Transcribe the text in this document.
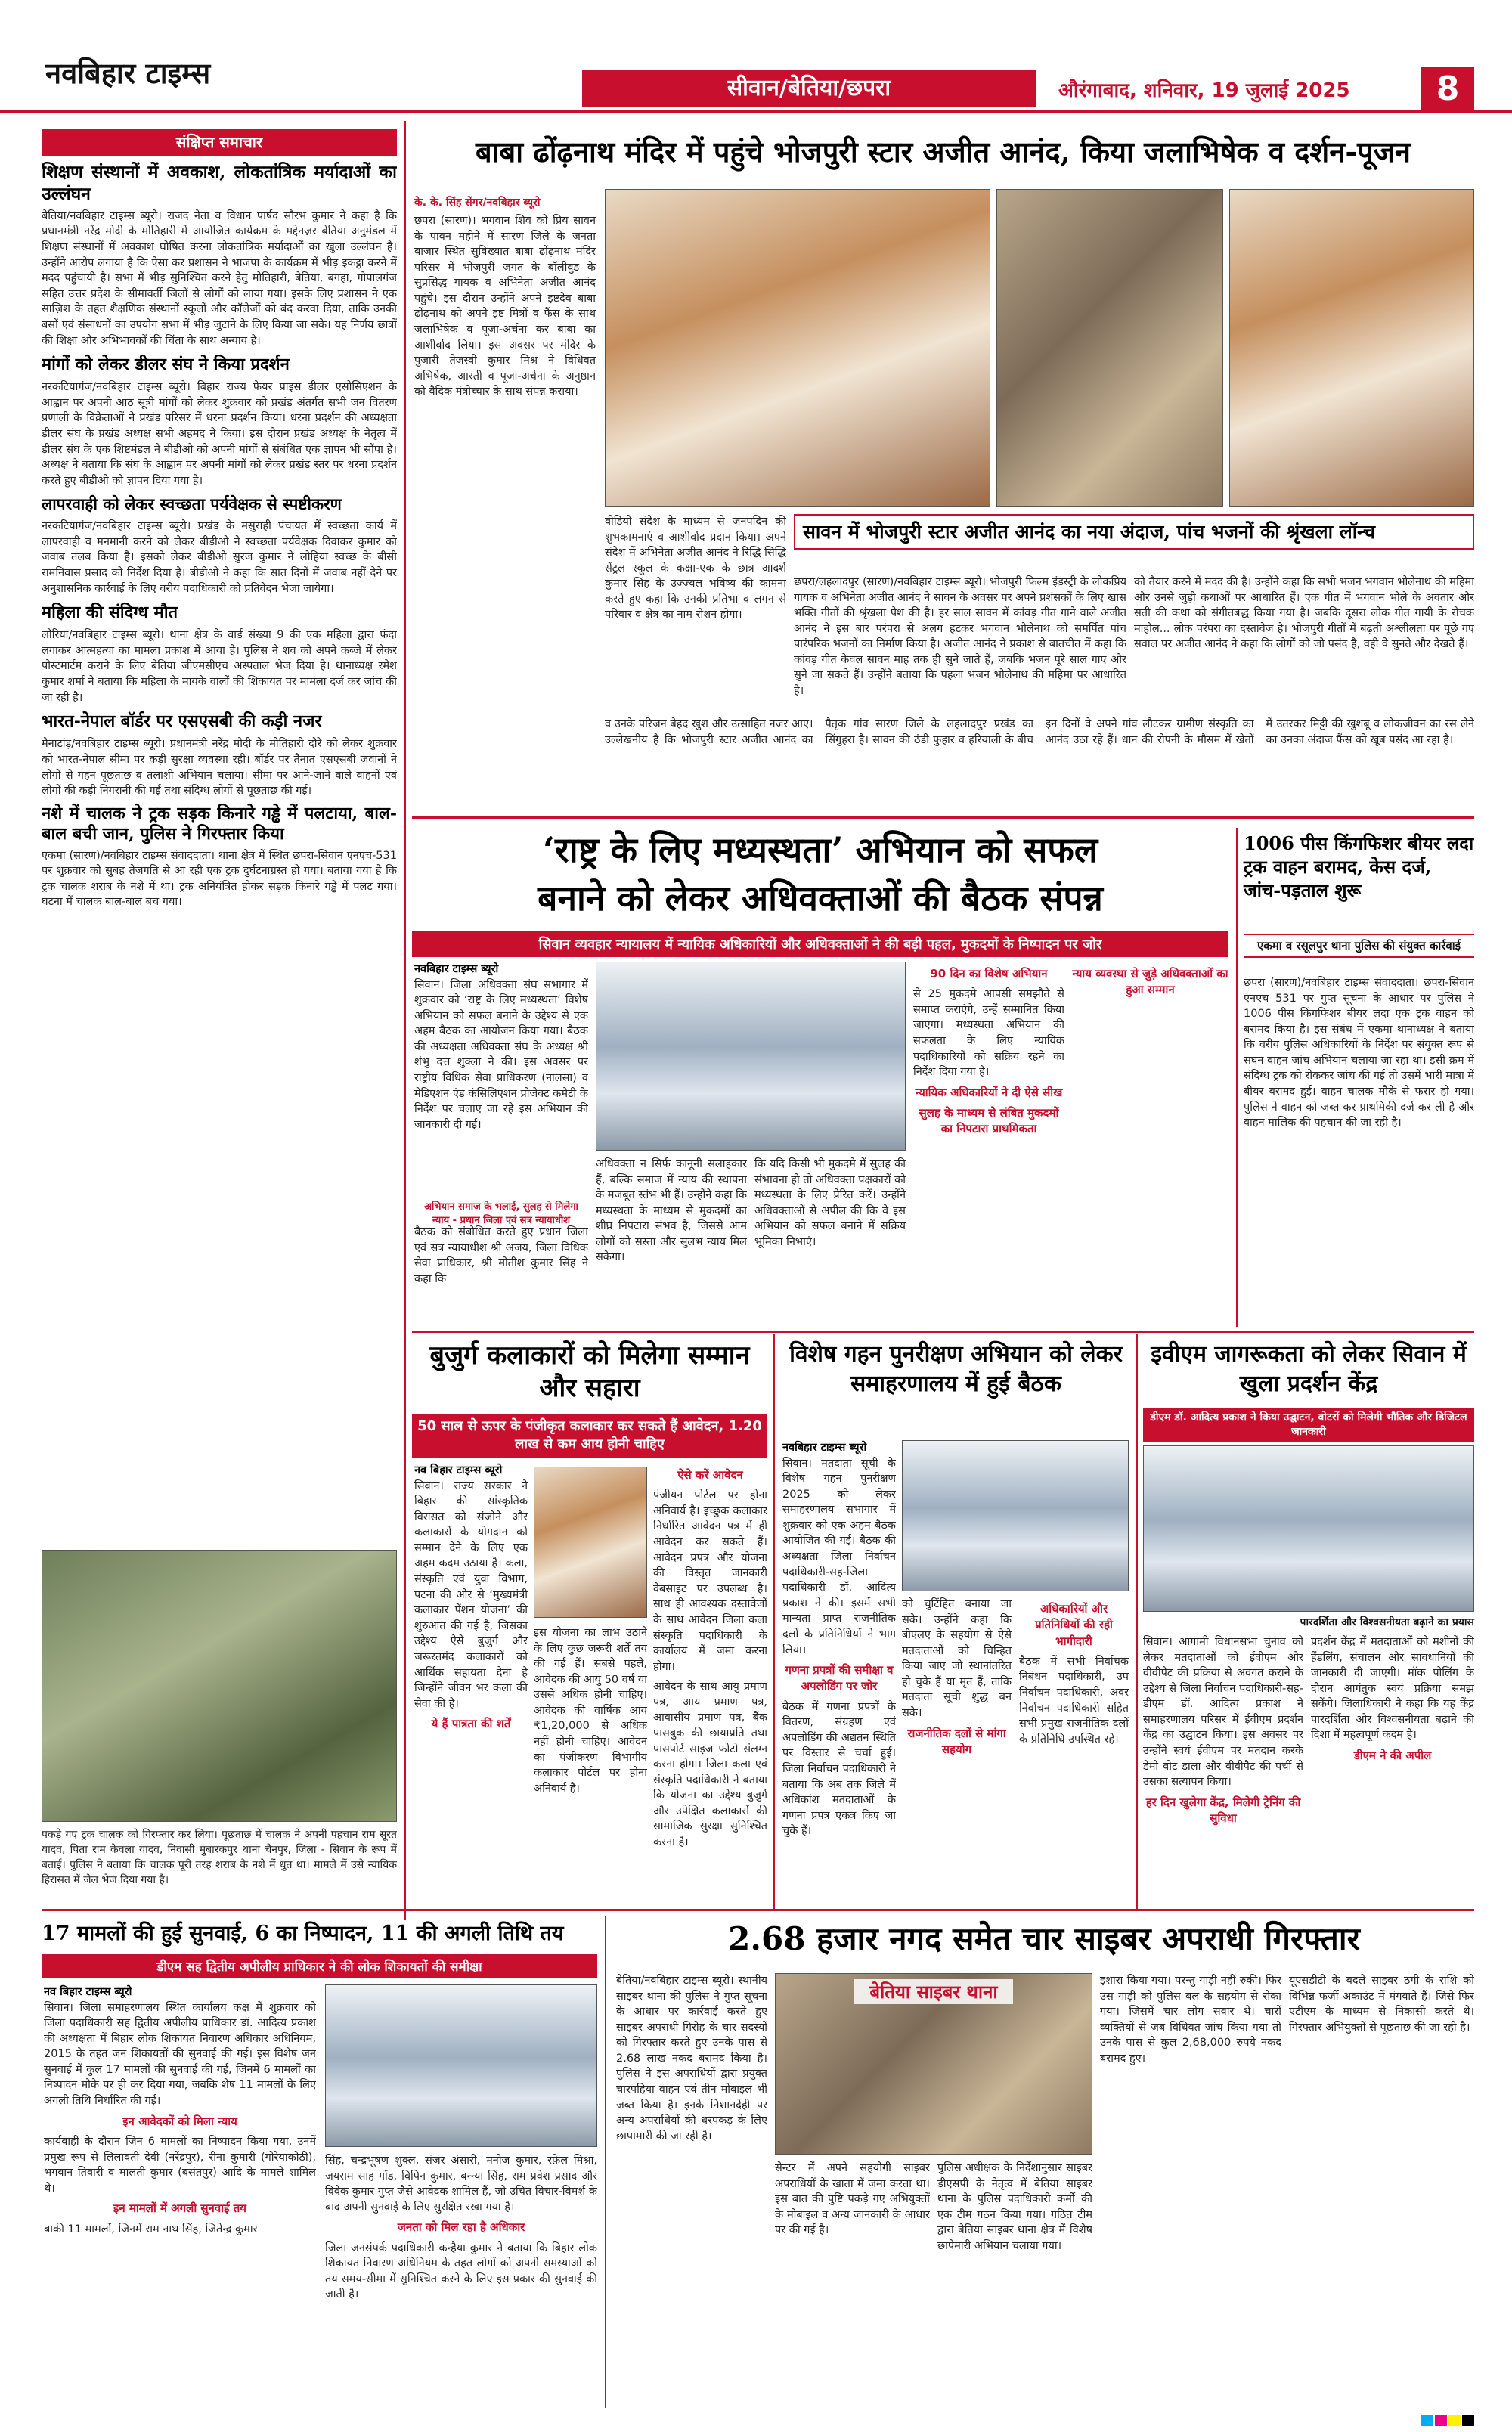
नवबिहार टाइम्स	सीवान/बेतिया/छपरा	औरंगाबाद, शनिवार, 19 जुलाई 2025	8
संक्षिप्त समाचार
शिक्षण संस्थानों में अवकाश, लोकतांत्रिक मर्यादाओं का उल्लंघन

बेतिया/नवबिहार टाइम्स ब्यूरो। राजद नेता व विधान पार्षद सौरभ कुमार ने कहा है कि प्रधानमंत्री नरेंद्र मोदी के मोतिहारी में आयोजित कार्यक्रम के मद्देनज़र बेतिया अनुमंडल में शिक्षण संस्थानों में अवकाश घोषित करना लोकतांत्रिक मर्यादाओं का खुला उल्लंघन है। उन्होंने आरोप लगाया है कि ऐसा कर प्रशासन ने भाजपा के कार्यक्रम में भीड़ इकट्ठा करने में मदद पहुंचायी है। सभा में भीड़ सुनिश्चित करने हेतु मोतिहारी, बेतिया, बगहा, गोपालगंज सहित उत्तर प्रदेश के सीमावर्ती जिलों से लोगों को लाया गया। इसके लिए प्रशासन ने एक साज़िश के तहत शैक्षणिक संस्थानों स्कूलों और कॉलेजों को बंद करवा दिया, ताकि उनकी बसों एवं संसाधनों का उपयोग सभा में भीड़ जुटाने के लिए किया जा सके। यह निर्णय छात्रों की शिक्षा और अभिभावकों की चिंता के साथ अन्याय है।

मांगों को लेकर डीलर संघ ने किया प्रदर्शन

नरकटियागंज/नवबिहार टाइम्स ब्यूरो। बिहार राज्य फेयर प्राइस डीलर एसोसिएशन के आह्वान पर अपनी आठ सूत्री मांगों को लेकर शुक्रवार को प्रखंड अंतर्गत सभी जन वितरण प्रणाली के विक्रेताओं ने प्रखंड परिसर में धरना प्रदर्शन किया। धरना प्रदर्शन की अध्यक्षता डीलर संघ के प्रखंड अध्यक्ष सभी अहमद ने किया। इस दौरान प्रखंड अध्यक्ष के नेतृत्व में डीलर संघ के एक शिष्टमंडल ने बीडीओ को अपनी मांगों से संबंधित एक ज्ञापन भी सौंपा है। अध्यक्ष ने बताया कि संघ के आह्वान पर अपनी मांगों को लेकर प्रखंड स्तर पर धरना प्रदर्शन करते हुए बीडीओ को ज्ञापन दिया गया है।

लापरवाही को लेकर स्वच्छता पर्यवेक्षक से स्पष्टीकरण

नरकटियागंज/नवबिहार टाइम्स ब्यूरो। प्रखंड के मसुराही पंचायत में स्वच्छता कार्य में लापरवाही व मनमानी करने को लेकर बीडीओ ने स्वच्छता पर्यवेक्षक दिवाकर कुमार को जवाब तलब किया है। इसको लेकर बीडीओ सुरज कुमार ने लोहिया स्वच्छ के बीसी रामनिवास प्रसाद को निर्देश दिया है। बीडीओ ने कहा कि सात दिनों में जवाब नहीं देने पर अनुशासनिक कार्रवाई के लिए वरीय पदाधिकारी को प्रतिवेदन भेजा जायेगा।

महिला की संदिग्ध मौत

लौरिया/नवबिहार टाइम्स ब्यूरो। थाना क्षेत्र के वार्ड संख्या 9 की एक महिला द्वारा फंदा लगाकर आत्महत्या का मामला प्रकाश में आया है। पुलिस ने शव को अपने कब्जे में लेकर पोस्टमार्टम कराने के लिए बेतिया जीएमसीएच अस्पताल भेज दिया है। थानाध्यक्ष रमेश कुमार शर्मा ने बताया कि महिला के मायके वालों की शिकायत पर मामला दर्ज कर जांच की जा रही है।

भारत-नेपाल बॉर्डर पर एसएसबी की कड़ी नजर

मैनाटांड़/नवबिहार टाइम्स ब्यूरो। प्रधानमंत्री नरेंद्र मोदी के मोतिहारी दौरे को लेकर शुक्रवार को भारत-नेपाल सीमा पर कड़ी सुरक्षा व्यवस्था रही। बॉर्डर पर तैनात एसएसबी जवानों ने लोगों से गहन पूछताछ व तलाशी अभियान चलाया। सीमा पर आने-जाने वाले वाहनों एवं लोगों की कड़ी निगरानी की गई तथा संदिग्ध लोगों से पूछताछ की गई।

नशे में चालक ने ट्रक सड़क किनारे गड्ढे में पलटाया, बाल-बाल बची जान, पुलिस ने गिरफ्तार किया

एकमा (सारण)/नवबिहार टाइम्स संवाददाता। थाना क्षेत्र में स्थित छपरा-सिवान एनएच-531 पर शुक्रवार को सुबह तेजगति से आ रही एक ट्रक दुर्घटनाग्रस्त हो गया। बताया गया है कि ट्रक चालक शराब के नशे में था। ट्रक अनियंत्रित होकर सड़क किनारे गड्ढे में पलट गया। घटना में चालक बाल-बाल बच गया।

पकड़े गए ट्रक चालक को गिरफ्तार कर लिया। पूछताछ में चालक ने अपनी पहचान राम सूरत यादव, पिता राम केवला यादव, निवासी मुबारकपुर थाना चैनपुर, जिला - सिवान के रूप में बताई। पुलिस ने बताया कि चालक पूरी तरह शराब के नशे में धुत था। मामले में उसे न्यायिक हिरासत में जेल भेज दिया गया है।
बाबा ढोंढ़नाथ मंदिर में पहुंचे भोजपुरी स्टार अजीत आनंद, किया जलाभिषेक व दर्शन-पूजन
के. के. सिंह सेंगर/नवबिहार ब्यूरो
छपरा (सारण)। भगवान शिव को प्रिय सावन के पावन महीने में सारण जिले के जनता बाजार स्थित सुविख्यात बाबा ढोंढ़नाथ मंदिर परिसर में भोजपुरी जगत के बॉलीवुड के सुप्रसिद्ध गायक व अभिनेता अजीत आनंद पहुंचे। इस दौरान उन्होंने अपने इष्टदेव बाबा ढोंढ़नाथ को अपने इष्ट मित्रों व फैंस के साथ जलाभिषेक व पूजा-अर्चना कर बाबा का आशीर्वाद लिया। इस अवसर पर मंदिर के पुजारी तेजस्वी कुमार मिश्र ने विधिवत अभिषेक, आरती व पूजा-अर्चना के अनुष्ठान को वैदिक मंत्रोच्चार के साथ संपन्न कराया।
वीडियो संदेश के माध्यम से जनपदिन की शुभकामनाएं व आशीर्वाद प्रदान किया। अपने संदेश में अभिनेता अजीत आनंद ने रिद्धि सिद्धि सेंट्रल स्कूल के कक्षा-एक के छात्र आदर्श कुमार सिंह के उज्ज्वल भविष्य की कामना करते हुए कहा कि उनकी प्रतिभा व लगन से परिवार व क्षेत्र का नाम रोशन होगा।
सावन में भोजपुरी स्टार अजीत आनंद का नया अंदाज, पांच भजनों की श्रृंखला लॉन्च
छपरा/लहलादपुर (सारण)/नवबिहार टाइम्स ब्यूरो। भोजपुरी फिल्म इंडस्ट्री के लोकप्रिय गायक व अभिनेता अजीत आनंद ने सावन के अवसर पर अपने प्रशंसकों के लिए खास भक्ति गीतों की श्रृंखला पेश की है। हर साल सावन में कांवड़ गीत गाने वाले अजीत आनंद ने इस बार परंपरा से अलग हटकर भगवान भोलेनाथ को समर्पित पांच पारंपरिक भजनों का निर्माण किया है। अजीत आनंद ने प्रकाश से बातचीत में कहा कि कांवड़ गीत केवल सावन माह तक ही सुने जाते हैं, जबकि भजन पूरे साल गाए और सुने जा सकते हैं। उन्होंने बताया कि पहला भजन भोलेनाथ की महिमा पर आधारित है।
को तैयार करने में मदद की है। उन्होंने कहा कि सभी भजन भगवान भोलेनाथ की महिमा और उनसे जुड़ी कथाओं पर आधारित हैं। एक गीत में भगवान भोले के अवतार और सती की कथा को संगीतबद्ध किया गया है। जबकि दूसरा लोक गीत गायी के रोचक माहौल... लोक परंपरा का दस्तावेज है। भोजपुरी गीतों में बढ़ती अश्लीलता पर पूछे गए सवाल पर अजीत आनंद ने कहा कि लोगों को जो पसंद है, वही वे सुनते और देखते हैं।
व उनके परिजन बेहद खुश और उत्साहित नजर आए। उल्लेखनीय है कि भोजपुरी स्टार अजीत आनंद का पैतृक गांव सारण जिले के लहलादपुर प्रखंड का सिंगुहरा है। सावन की ठंडी फुहार व हरियाली के बीच इन दिनों वे अपने गांव लौटकर ग्रामीण संस्कृति का आनंद उठा रहे हैं। धान की रोपनी के मौसम में खेतों में उतरकर मिट्टी की खुशबू व लोकजीवन का रस लेने का उनका अंदाज फैंस को खूब पसंद आ रहा है।
‘राष्ट्र के लिए मध्यस्थता’ अभियान को सफल
बनाने को लेकर अधिवक्ताओं की बैठक संपन्न
सिवान व्यवहार न्यायालय में न्यायिक अधिकारियों और अधिवक्ताओं ने की बड़ी पहल, मुकदमों के निष्पादन पर जोर
नवबिहार टाइम्स ब्यूरो

सिवान। जिला अधिवक्ता संघ सभागार में शुक्रवार को ‘राष्ट्र के लिए मध्यस्थता’ विशेष अभियान को सफल बनाने के उद्देश्य से एक अहम बैठक का आयोजन किया गया। बैठक की अध्यक्षता अधिवक्ता संघ के अध्यक्ष श्री शंभु दत्त शुक्ला ने की। इस अवसर पर राष्ट्रीय विधिक सेवा प्राधिकरण (नालसा) व मेडिएशन एंड कंसिलिएशन प्रोजेक्ट कमेटी के निर्देश पर चलाए जा रहे इस अभियान की जानकारी दी गई।

अभियान समाज के भलाई, सुलह से मिलेगा न्याय - प्रधान जिला एवं सत्र न्यायाधीश
बैठक को संबोधित करते हुए प्रधान जिला एवं सत्र न्यायाधीश श्री अजय, जिला विधिक सेवा प्राधिकार, श्री मोतीश कुमार सिंह ने कहा कि
अधिवक्ता न सिर्फ कानूनी सलाहकार हैं, बल्कि समाज में न्याय की स्थापना के मजबूत स्तंभ भी हैं। उन्होंने कहा कि मध्यस्थता के माध्यम से मुकदमों का शीघ्र निपटारा संभव है, जिससे आम लोगों को सस्ता और सुलभ न्याय मिल सकेगा।
कि यदि किसी भी मुकदमे में सुलह की संभावना हो तो अधिवक्ता पक्षकारों को मध्यस्थता के लिए प्रेरित करें। उन्होंने अधिवक्ताओं से अपील की कि वे इस अभियान को सफल बनाने में सक्रिय भूमिका निभाएं।
90 दिन का विशेष अभियान

से 25 मुकदमे आपसी समझौते से समाप्त कराएंगे, उन्हें सम्मानित किया जाएगा। मध्यस्थता अभियान की सफलता के लिए न्यायिक पदाधिकारियों को सक्रिय रहने का निर्देश दिया गया है।

न्यायिक अधिकारियों ने दी ऐसे सीख
सुलह के माध्यम से लंबित मुकदमों का निपटारा प्राथमिकता
न्याय व्यवस्था से जुड़े अधिवक्ताओं का हुआ सम्मान
1006 पीस किंगफिशर बीयर लदा ट्रक वाहन बरामद, केस दर्ज, जांच-पड़ताल शुरू
एकमा व रसूलपुर थाना पुलिस की संयुक्त कार्रवाई
छपरा (सारण)/नवबिहार टाइम्स संवाददाता। छपरा-सिवान एनएच 531 पर गुप्त सूचना के आधार पर पुलिस ने 1006 पीस किंगफिशर बीयर लदा एक ट्रक वाहन को बरामद किया है। इस संबंध में एकमा थानाध्यक्ष ने बताया कि वरीय पुलिस अधिकारियों के निर्देश पर संयुक्त रूप से सघन वाहन जांच अभियान चलाया जा रहा था। इसी क्रम में संदिग्ध ट्रक को रोककर जांच की गई तो उसमें भारी मात्रा में बीयर बरामद हुई। वाहन चालक मौके से फरार हो गया। पुलिस ने वाहन को जब्त कर प्राथमिकी दर्ज कर ली है और वाहन मालिक की पहचान की जा रही है।
बुजुर्ग कलाकारों को मिलेगा सम्मान और सहारा
50 साल से ऊपर के पंजीकृत कलाकार कर सकते हैं आवेदन, 1.20 लाख से कम आय होनी चाहिए
नव बिहार टाइम्स ब्यूरो

सिवान। राज्य सरकार ने बिहार की सांस्कृतिक विरासत को संजोने और कलाकारों के योगदान को सम्मान देने के लिए एक अहम कदम उठाया है। कला, संस्कृति एवं युवा विभाग, पटना की ओर से ‘मुख्यमंत्री कलाकार पेंशन योजना’ की शुरुआत की गई है, जिसका उद्देश्य ऐसे बुजुर्ग और जरूरतमंद कलाकारों को आर्थिक सहायता देना है जिन्होंने जीवन भर कला की सेवा की है।

ये हैं पात्रता की शर्तें
इस योजना का लाभ उठाने के लिए कुछ जरूरी शर्तें तय की गई हैं। सबसे पहले, आवेदक की आयु 50 वर्ष या उससे अधिक होनी चाहिए। आवेदक की वार्षिक आय ₹1,20,000 से अधिक नहीं होनी चाहिए। आवेदन का पंजीकरण विभागीय कलाकार पोर्टल पर होना अनिवार्य है।
ऐसे करें आवेदन

पंजीयन पोर्टल पर होना अनिवार्य है। इच्छुक कलाकार निर्धारित आवेदन पत्र में ही आवेदन कर सकते हैं। आवेदन प्रपत्र और योजना की विस्तृत जानकारी वेबसाइट पर उपलब्ध है। साथ ही आवश्यक दस्तावेजों के साथ आवेदन जिला कला संस्कृति पदाधिकारी के कार्यालय में जमा करना होगा।

आवेदन के साथ आयु प्रमाण पत्र, आय प्रमाण पत्र, आवासीय प्रमाण पत्र, बैंक पासबुक की छायाप्रति तथा पासपोर्ट साइज फोटो संलग्न करना होगा। जिला कला एवं संस्कृति पदाधिकारी ने बताया कि योजना का उद्देश्य बुजुर्ग और उपेक्षित कलाकारों की सामाजिक सुरक्षा सुनिश्चित करना है।

विशेष गहन पुनरीक्षण अभियान को लेकर समाहरणालय में हुई बैठक
नवबिहार टाइम्स ब्यूरो

सिवान। मतदाता सूची के विशेष गहन पुनरीक्षण 2025 को लेकर समाहरणालय सभागार में शुक्रवार को एक अहम बैठक आयोजित की गई। बैठक की अध्यक्षता जिला निर्वाचन पदाधिकारी-सह-जिला पदाधिकारी डॉ. आदित्य प्रकाश ने की। इसमें सभी मान्यता प्राप्त राजनीतिक दलों के प्रतिनिधियों ने भाग लिया।

गणना प्रपत्रों की समीक्षा व अपलोडिंग पर जोर

बैठक में गणना प्रपत्रों के वितरण, संग्रहण एवं अपलोडिंग की अद्यतन स्थिति पर विस्तार से चर्चा हुई। जिला निर्वाचन पदाधिकारी ने बताया कि अब तक जिले में अधिकांश मतदाताओं के गणना प्रपत्र एकत्र किए जा चुके हैं।

को चुटिंहित बनाया जा सके। उन्होंने कहा कि बीएलए के सहयोग से ऐसे मतदाताओं को चिन्हित किया जाए जो स्थानांतरित हो चुके हैं या मृत हैं, ताकि मतदाता सूची शुद्ध बन सके।

राजनीतिक दलों से मांगा सहयोग
अधिकारियों और प्रतिनिधियों की रही भागीदारी

बैठक में सभी निर्वाचक निबंधन पदाधिकारी, उप निर्वाचन पदाधिकारी, अवर निर्वाचन पदाधिकारी सहित सभी प्रमुख राजनीतिक दलों के प्रतिनिधि उपस्थित रहे।

इवीएम जागरूकता को लेकर सिवान में खुला प्रदर्शन केंद्र
डीएम डॉ. आदित्य प्रकाश ने किया उद्घाटन, वोटरों को मिलेगी भौतिक और डिजिटल जानकारी
पारदर्शिता और विश्वसनीयता बढ़ाने का प्रयास

सिवान। आगामी विधानसभा चुनाव को लेकर मतदाताओं को ईवीएम और वीवीपैट की प्रक्रिया से अवगत कराने के उद्देश्य से जिला निर्वाचन पदाधिकारी-सह-डीएम डॉ. आदित्य प्रकाश ने समाहरणालय परिसर में ईवीएम प्रदर्शन केंद्र का उद्घाटन किया। इस अवसर पर उन्होंने स्वयं ईवीएम पर मतदान करके डेमो वोट डाला और वीवीपैट की पर्ची से उसका सत्यापन किया।

हर दिन खुलेगा केंद्र, मिलेगी ट्रेनिंग की सुविधा

प्रदर्शन केंद्र में मतदाताओं को मशीनों की हैंडलिंग, संचालन और सावधानियों की जानकारी दी जाएगी। मॉक पोलिंग के दौरान आगंतुक स्वयं प्रक्रिया समझ सकेंगे। जिलाधिकारी ने कहा कि यह केंद्र पारदर्शिता और विश्वसनीयता बढ़ाने की दिशा में महत्वपूर्ण कदम है।

डीएम ने की अपील
17 मामलों की हुई सुनवाई, 6 का निष्पादन, 11 की अगली तिथि तय
डीएम सह द्वितीय अपीलीय प्राधिकार ने की लोक शिकायतों की समीक्षा
नव बिहार टाइम्स ब्यूरो

सिवान। जिला समाहरणालय स्थित कार्यालय कक्ष में शुक्रवार को जिला पदाधिकारी सह द्वितीय अपीलीय प्राधिकार डॉ. आदित्य प्रकाश की अध्यक्षता में बिहार लोक शिकायत निवारण अधिकार अधिनियम, 2015 के तहत जन शिकायतों की सुनवाई की गई। इस विशेष जन सुनवाई में कुल 17 मामलों की सुनवाई की गई, जिनमें 6 मामलों का निष्पादन मौके पर ही कर दिया गया, जबकि शेष 11 मामलों के लिए अगली तिथि निर्धारित की गई।

इन आवेदकों को मिला न्याय

कार्यवाही के दौरान जिन 6 मामलों का निष्पादन किया गया, उनमें प्रमुख रूप से लिलावती देवी (नरेंद्रपुर), रीना कुमारी (गोरेयाकोठी), भगवान तिवारी व मालती कुमार (बसंतपुर) आदि के मामले शामिल थे।

इन मामलों में अगली सुनवाई तय

बाकी 11 मामलों, जिनमें राम नाथ सिंह, जितेन्द्र कुमार

सिंह, चन्द्रभूषण शुक्ल, संजर अंसारी, मनोज कुमार, रफ़ेल मिश्रा, जयराम साह गोंड, विपिन कुमार, बन्न्या सिंह, राम प्रवेश प्रसाद और विवेक कुमार गुप्त जैसे आवेदक शामिल हैं, जो उचित विचार-विमर्श के बाद अपनी सुनवाई के लिए सुरक्षित रखा गया है।

जनता को मिल रहा है अधिकार

जिला जनसंपर्क पदाधिकारी कन्हैया कुमार ने बताया कि बिहार लोक शिकायत निवारण अधिनियम के तहत लोगों को अपनी समस्याओं को तय समय-सीमा में सुनिश्चित करने के लिए इस प्रकार की सुनवाई की जाती है।

2.68 हजार नगद समेत चार साइबर अपराधी गिरफ्तार
बेतिया/नवबिहार टाइम्स ब्यूरो। स्थानीय साइबर थाना की पुलिस ने गुप्त सूचना के आधार पर कार्रवाई करते हुए साइबर अपराधी गिरोह के चार सदस्यों को गिरफ्तार करते हुए उनके पास से 2.68 लाख नकद बरामद किया है। पुलिस ने इस अपराधियों द्वारा प्रयुक्त चारपहिया वाहन एवं तीन मोबाइल भी जब्त किया है। इनके निशानदेही पर अन्य अपराधियों की धरपकड़ के लिए छापामारी की जा रही है।
बेतिया साइबर थाना
सेन्टर में अपने सहयोगी साइबर अपराधियों के खाता में जमा करता था। इस बात की पुष्टि पकड़े गए अभियुक्तों के मोबाइल व अन्य जानकारी के आधार पर की गई है।
पुलिस अधीक्षक के निर्देशानुसार साइबर डीएसपी के नेतृत्व में बेतिया साइबर थाना के पुलिस पदाधिकारी कर्मी की एक टीम गठन किया गया। गठित टीम द्वारा बेतिया साइबर थाना क्षेत्र में विशेष छापेमारी अभियान चलाया गया।
इशारा किया गया। परन्तु गाड़ी नहीं रुकी। फिर उस गाड़ी को पुलिस बल के सहयोग से रोका गया। जिसमें चार लोग सवार थे। चारों व्यक्तियों से जब विधिवत जांच किया गया तो उनके पास से कुल 2,68,000 रुपये नकद बरामद हुए।
यूएसडीटी के बदले साइबर ठगी के राशि को विभिन्न फर्जी अकाउंट में मंगवाते हैं। जिसे फिर एटीएम के माध्यम से निकासी करते थे। गिरफ्तार अभियुक्तों से पूछताछ की जा रही है।
